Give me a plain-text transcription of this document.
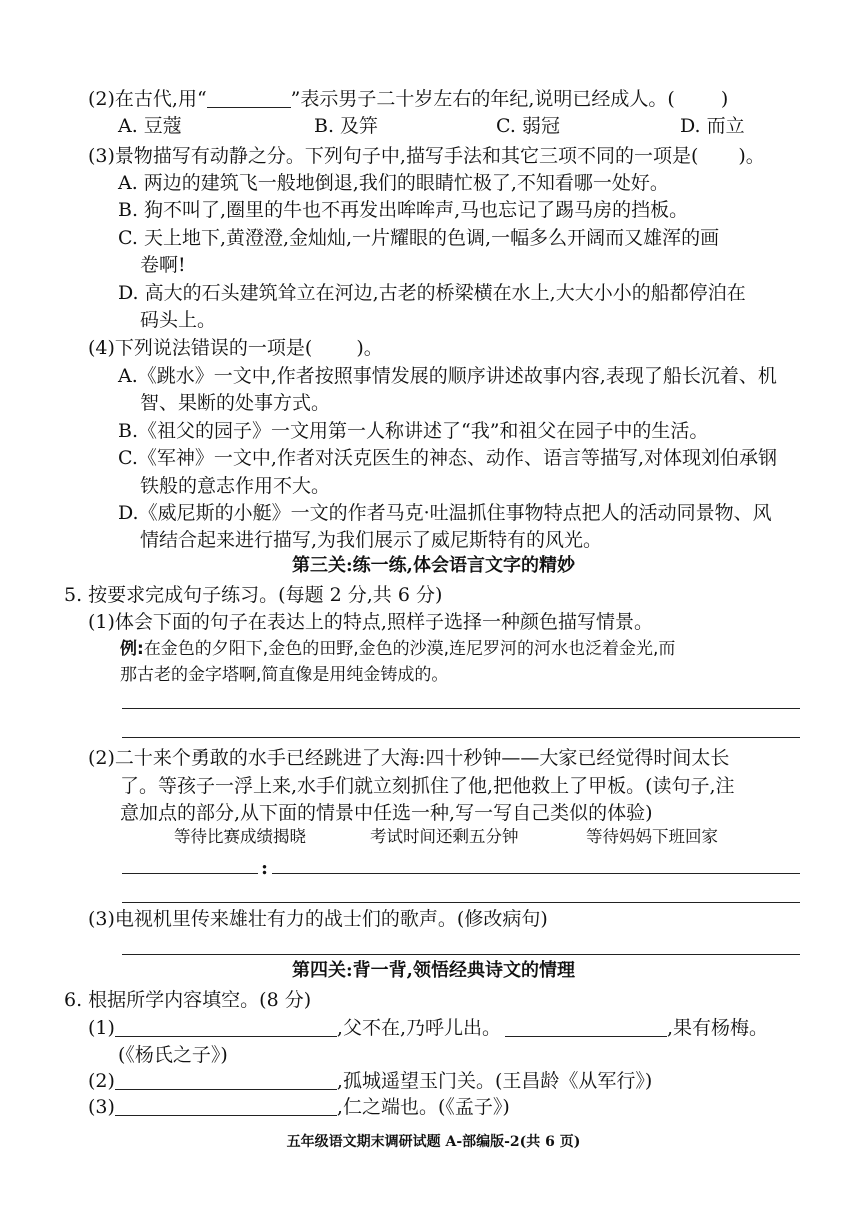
(2)在古代,用“	”表示男子二十岁左右的年纪,说明已经成人。( )
A. 豆蔻	B. 及笄	C. 弱冠	D. 而立
(3)景物描写有动静之分。下列句子中,描写手法和其它三项不同的一项是( )。
A. 两边的建筑飞一般地倒退,我们的眼睛忙极了,不知看哪一处好。
B. 狗不叫了,圈里的牛也不再发出哞哞声,马也忘记了踢马房的挡板。
C. 天上地下,黄澄澄,金灿灿,一片耀眼的色调,一幅多么开阔而又雄浑的画
卷啊!
D. 高大的石头建筑耸立在河边,古老的桥梁横在水上,大大小小的船都停泊在
码头上。
(4)下列说法错误的一项是( )。
A.《跳水》一文中,作者按照事情发展的顺序讲述故事内容,表现了船长沉着、机
智、果断的处事方式。
B.《祖父的园子》一文用第一人称讲述了“我”和祖父在园子中的生活。
C.《军神》一文中,作者对沃克医生的神态、动作、语言等描写,对体现刘伯承钢
铁般的意志作用不大。
D.《威尼斯的小艇》一文的作者马克·吐温抓住事物特点把人的活动同景物、风
情结合起来进行描写,为我们展示了威尼斯特有的风光。
第三关:练一练,体会语言文字的精妙
5. 按要求完成句子练习。(每题 2 分,共 6 分)
(1)体会下面的句子在表达上的特点,照样子选择一种颜色描写情景。
例:在金色的夕阳下,金色的田野,金色的沙漠,连尼罗河的河水也泛着金光,而
那古老的金字塔啊,简直像是用纯金铸成的。
(2)二十来个勇敢的水手已经跳进了大海:四十秒钟——大家已经觉得时间太长
了。等孩子一浮上来,水手们就立刻抓住了他,把他救上了甲板。(读句子,注
意加点的部分,从下面的情景中任选一种,写一写自己类似的体验)
等待比赛成绩揭晓	考试时间还剩五分钟	等待妈妈下班回家
:
(3)电视机里传来雄壮有力的战士们的歌声。(修改病句)
第四关:背一背,领悟经典诗文的情理
6. 根据所学内容填空。(8 分)
(1)	,父不在,乃呼儿出。	,果有杨梅。
(《杨氏之子》)
(2)	,孤城遥望玉门关。(王昌龄《从军行》)
(3)	,仁之端也。(《孟子》)
五年级语文期末调研试题 A-部编版-2(共 6 页)
